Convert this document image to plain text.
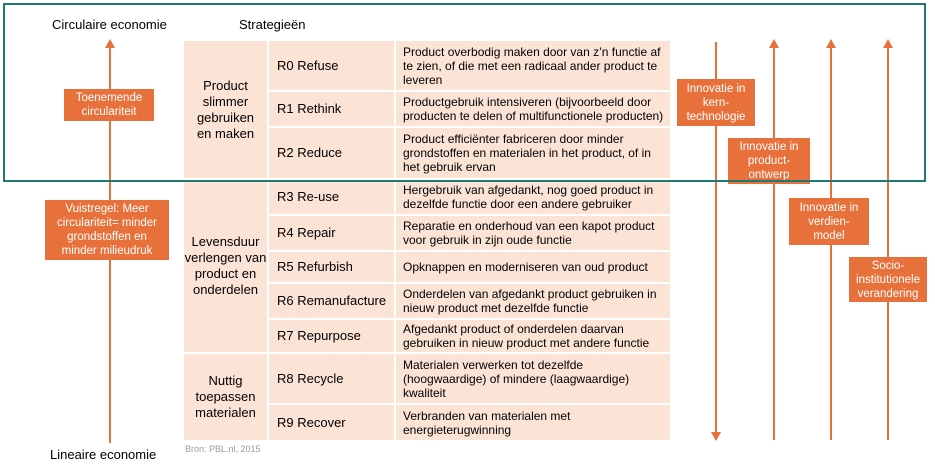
Circulaire economie	Strategieën
Lineaire economie
Toenemende circulariteit
Vuistregel: Meer circulariteit= minder grondstoffen en minder milieudruk
Product slimmer gebruiken en maken
Levensduur verlengen van product en onderdelen
Nuttig toepassen materialen
R0 Refuse
R1 Rethink
R2 Reduce
R3 Re-use
R4 Repair
R5 Refurbish
R6 Remanufacture
R7 Repurpose
R8 Recycle
R9 Recover
Product overbodig maken door van z’n functie af te zien, of die met een radicaal ander product te leveren
Productgebruik intensiveren (bijvoorbeeld door producten te delen of multifunctionele producten)
Product efficiënter fabriceren door minder grondstoffen en materialen in het product, of in het gebruik ervan
Hergebruik van afgedankt, nog goed product in dezelfde functie door een andere gebruiker
Reparatie en onderhoud van een kapot product voor gebruik in zijn oude functie
Opknappen en moderniseren van oud product
Onderdelen van afgedankt product gebruiken in nieuw product met dezelfde functie
Afgedankt product of onderdelen daarvan gebruiken in nieuw product met andere functie
Materialen verwerken tot dezelfde (hoogwaardige) of mindere (laagwaardige) kwaliteit
Verbranden van materialen met energieterugwinning
Bron: PBL.nl, 2015
Innovatie in kern-technologie
Innovatie in product-ontwerp
Innovatie in verdien-model
Socio-institutionele verandering
